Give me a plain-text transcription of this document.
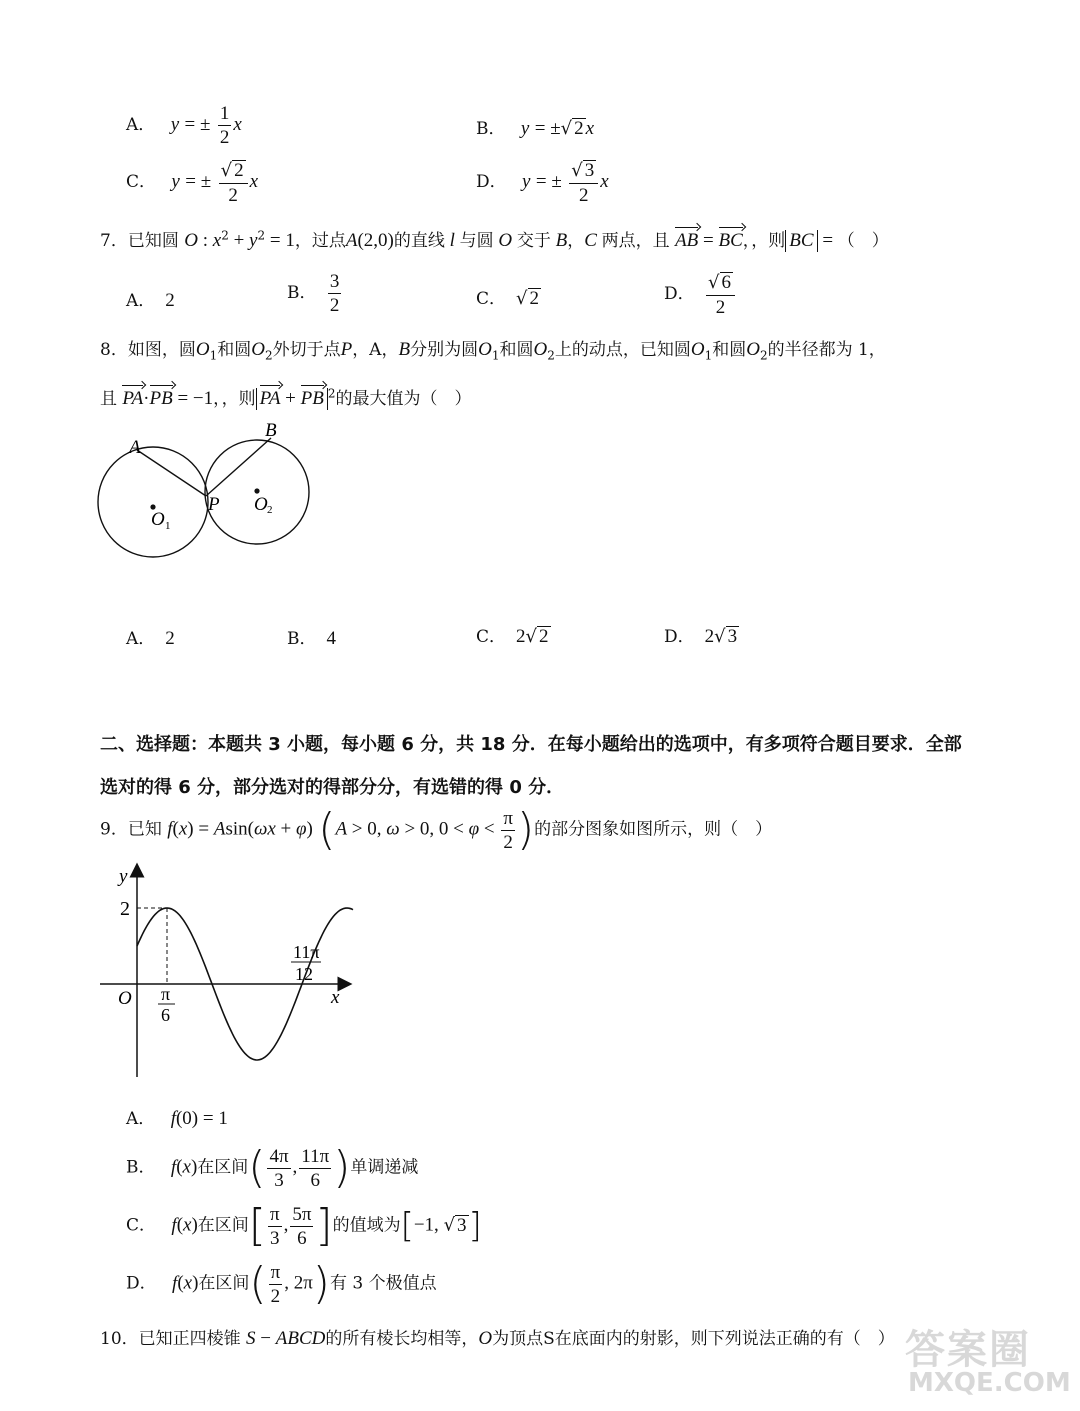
A． y = ± $\frac{1}{2}$ x	B． y = ±√ 2 x
C． y = ± $\frac{√ 2}{2}$ x	D． y = ± $\frac{√ 3}{2}$ x
7．已知圆 O : $x^2 + y^2 = 1$，过点A(2,0)的直线 l 与圆 O 交于 B，C 两点，且 AB = BC，，则 BC = （　）
A． 2	B． $\frac{3}{2}$	C． √ 2	D． $\frac{√ 6}{2}$
8．如图，圆$O_1$和圆$O_2$外切于点P，A，B分别为圆$O_1$和圆$O_2$上的动点，已知圆$O_1$和圆$O_2$的半径都为 1，
且 PA·PB = −1，，则 PA + PB $^2$的最大值为（　）
A
B
P
O 1
O 2
A． 2	B． 4	C． 2√ 2	D． 2√ 3
二、选择题：本题共 3 小题，每小题 6 分，共 18 分．在每小题给出的选项中，有多项符合题目要求．全部
选对的得 6 分，部分选对的得部分分，有选错的得 0 分．
9．已知 f(x) = Asin(ωx + φ) (A > 0, ω > 0, $0 < \varphi < \frac{\pi}{2}$ )的部分图象如图所示，则（　）
y
x
O
2
π
6
11π
12
A． f(0) = 1
B． f(x)在区间( $\frac{4\pi}{3}$ , $\frac{11\pi}{6}$ )单调递减
C． f(x)在区间[ $\frac{\pi}{3}$ , $\frac{5\pi}{6}$ ]的值域为[−1, √ 3]
D． f(x)在区间( $\frac{\pi}{2}$ , 2π)有 3 个极值点
10．已知正四棱锥 S − ABCD的所有棱长均相等，O为顶点S在底面内的射影，则下列说法正确的有（　） 答案圈
MXQE.COM
